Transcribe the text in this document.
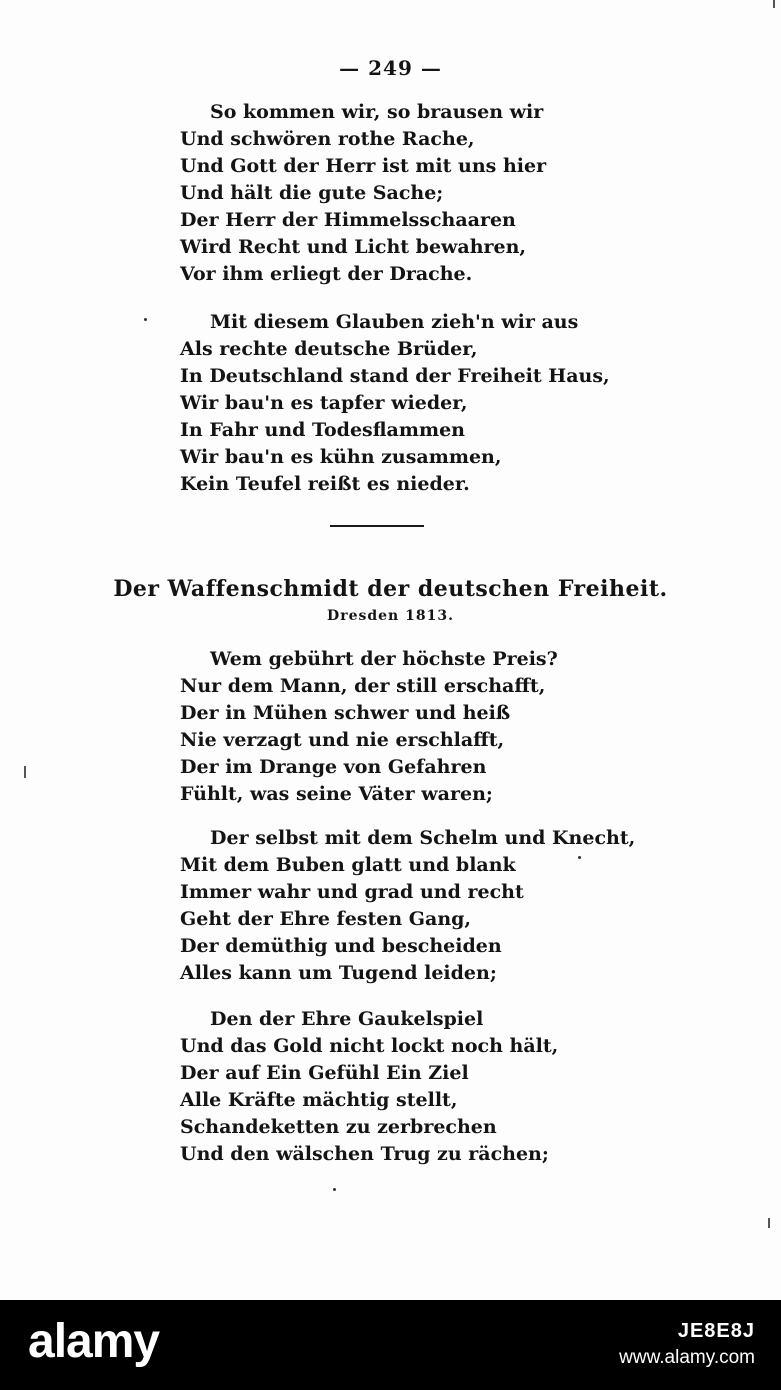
— 249 —
So kommen wir, so brausen wir
Und schwören rothe Rache,
Und Gott der Herr ist mit uns hier
Und hält die gute Sache;
Der Herr der Himmelsschaaren
Wird Recht und Licht bewahren,
Vor ihm erliegt der Drache.
Mit diesem Glauben zieh'n wir aus
Als rechte deutsche Brüder,
In Deutschland stand der Freiheit Haus,
Wir bau'n es tapfer wieder,
In Fahr und Todesflammen
Wir bau'n es kühn zusammen,
Kein Teufel reißt es nieder.
Der Waffenschmidt der deutschen Freiheit.
Dresden 1813.
Wem gebührt der höchste Preis?
Nur dem Mann, der still erschafft,
Der in Mühen schwer und heiß
Nie verzagt und nie erschlafft,
Der im Drange von Gefahren
Fühlt, was seine Väter waren;
Der selbst mit dem Schelm und Knecht,
Mit dem Buben glatt und blank
Immer wahr und grad und recht
Geht der Ehre festen Gang,
Der demüthig und bescheiden
Alles kann um Tugend leiden;
Den der Ehre Gaukelspiel
Und das Gold nicht lockt noch hält,
Der auf Ein Gefühl Ein Ziel
Alle Kräfte mächtig stellt,
Schandeketten zu zerbrechen
Und den wälschen Trug zu rächen;
alamy	JE8E8J
www.alamy.com
